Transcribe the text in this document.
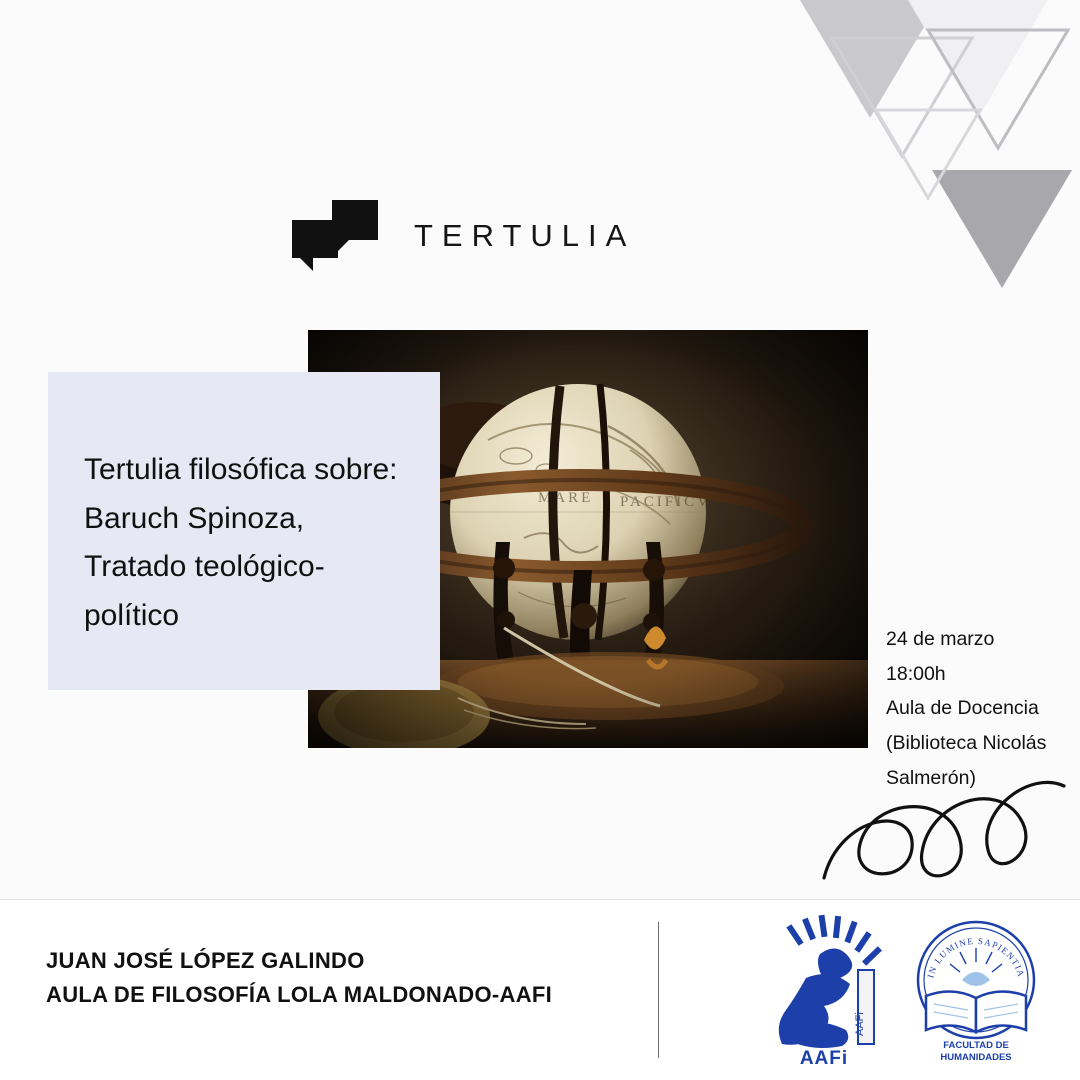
TERTULIA
Tertulia filosófica sobre: Baruch Spinoza, Tratado teológico-político
24 de marzo
18:00h
Aula de Docencia
(Biblioteca Nicolás Salmerón)
JUAN JOSÉ LÓPEZ GALINDO
AULA DE FILOSOFÍA LOLA MALDONADO-AAFI
AAFi
AAFi
IN LUMINE SAPIENTIA
FACULTAD DE
HUMANIDADES
